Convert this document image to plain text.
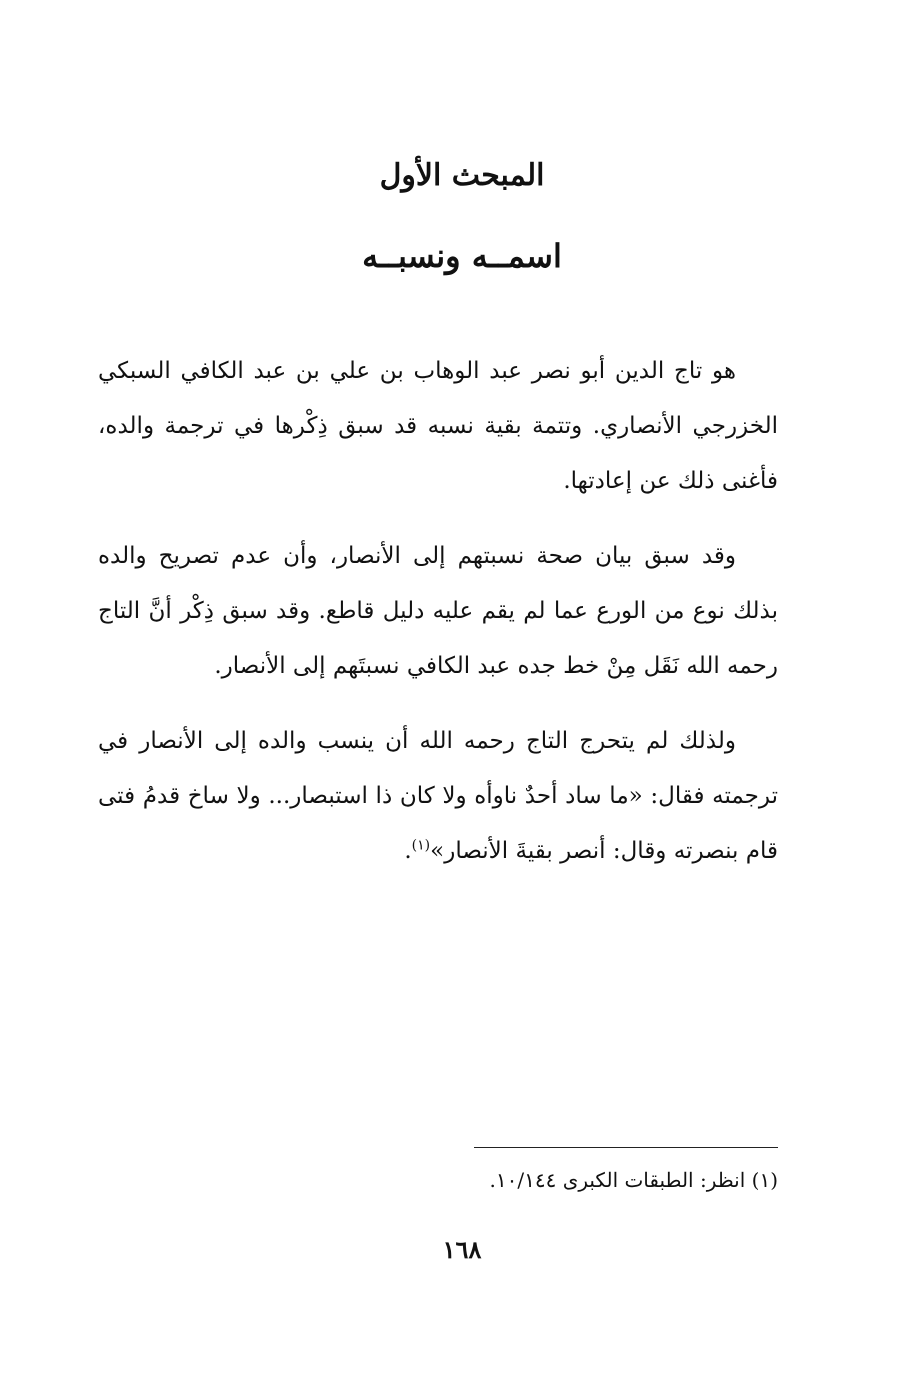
المبحث الأول
اسمــه ونسبــه

هو تاج الدين أبو نصر عبد الوهاب بن علي بن عبد الكافي السبكي الخزرجي الأنصاري. وتتمة بقية نسبه قد سبق ذِكْرها في ترجمة والده، فأغنى ذلك عن إعادتها.

وقد سبق بيان صحة نسبتهم إلى الأنصار، وأن عدم تصريح والده بذلك نوع من الورع عما لم يقم عليه دليل قاطع. وقد سبق ذِكْر أنَّ التاج رحمه الله نَقَل مِنْ خط جده عبد الكافي نسبتَهم إلى الأنصار.

ولذلك لم يتحرج التاج رحمه الله أن ينسب والده إلى الأنصار في ترجمته فقال: «ما ساد أحدٌ ناوأه ولا كان ذا استبصار... ولا ساخ قدمُ فتى قام بنصرته وقال: أنصر بقيةَ الأنصار»$^{(١)}$.

(١) انظر: الطبقات الكبرى ١٠/١٤٤.
١٦٨
